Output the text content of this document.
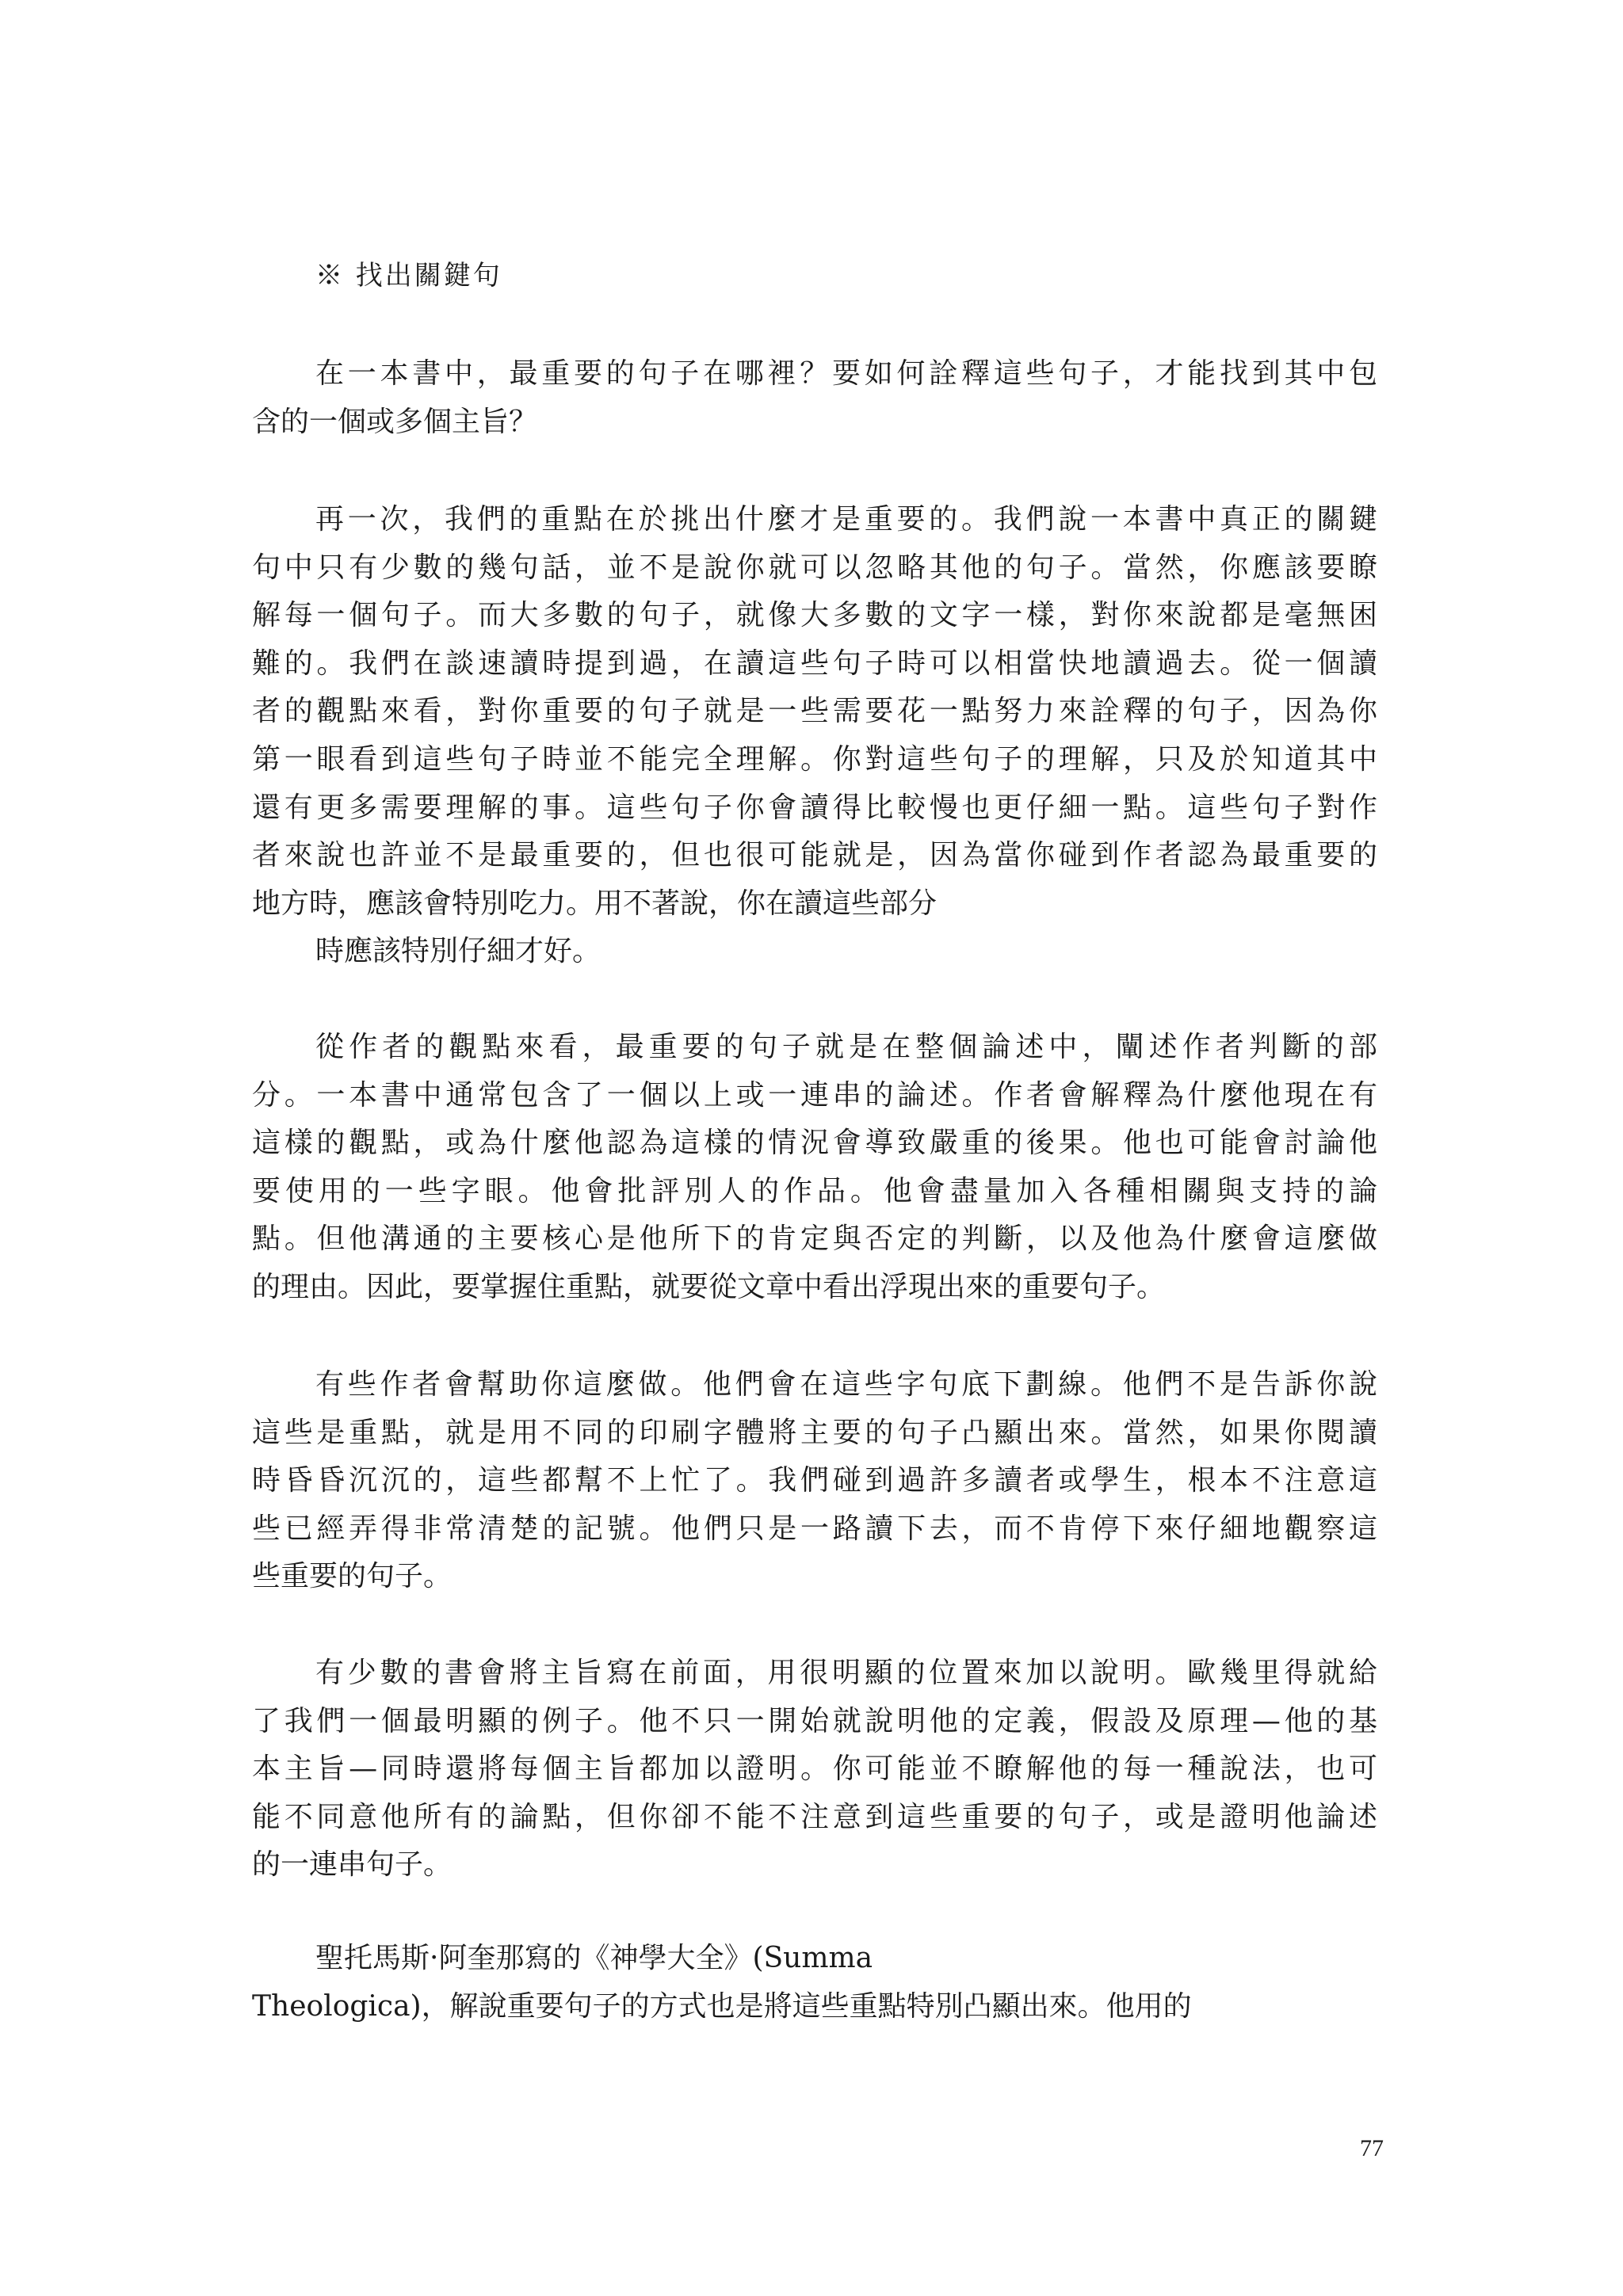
※ 找出關鍵句
在一本書中，最重要的句子在哪裡？要如何詮釋這些句子，才能找到其中包
含的一個或多個主旨？
再一次，我們的重點在於挑出什麼才是重要的。我們說一本書中真正的關鍵
句中只有少數的幾句話，並不是說你就可以忽略其他的句子。當然，你應該要瞭
解每一個句子。而大多數的句子，就像大多數的文字一樣，對你來說都是毫無困
難的。我們在談速讀時提到過，在讀這些句子時可以相當快地讀過去。從一個讀
者的觀點來看，對你重要的句子就是一些需要花一點努力來詮釋的句子，因為你
第一眼看到這些句子時並不能完全理解。你對這些句子的理解，只及於知道其中
還有更多需要理解的事。這些句子你會讀得比較慢也更仔細一點。這些句子對作
者來說也許並不是最重要的，但也很可能就是，因為當你碰到作者認為最重要的
地方時，應該會特別吃力。用不著說，你在讀這些部分
時應該特別仔細才好。
從作者的觀點來看，最重要的句子就是在整個論述中，闡述作者判斷的部
分。一本書中通常包含了一個以上或一連串的論述。作者會解釋為什麼他現在有
這樣的觀點，或為什麼他認為這樣的情況會導致嚴重的後果。他也可能會討論他
要使用的一些字眼。他會批評別人的作品。他會盡量加入各種相關與支持的論
點。但他溝通的主要核心是他所下的肯定與否定的判斷，以及他為什麼會這麼做
的理由。因此，要掌握住重點，就要從文章中看出浮現出來的重要句子。
有些作者會幫助你這麼做。他們會在這些字句底下劃線。他們不是告訴你說
這些是重點，就是用不同的印刷字體將主要的句子凸顯出來。當然，如果你閱讀
時昏昏沉沉的，這些都幫不上忙了。我們碰到過許多讀者或學生，根本不注意這
些已經弄得非常清楚的記號。他們只是一路讀下去，而不肯停下來仔細地觀察這
些重要的句子。
有少數的書會將主旨寫在前面，用很明顯的位置來加以說明。歐幾里得就給
了我們一個最明顯的例子。他不只一開始就說明他的定義，假設及原理—他的基
本主旨—同時還將每個主旨都加以證明。你可能並不瞭解他的每一種說法，也可
能不同意他所有的論點，但你卻不能不注意到這些重要的句子，或是證明他論述
的一連串句子。
聖托馬斯·阿奎那寫的《神學大全》(Summa
Theologica)，解說重要句子的方式也是將這些重點特別凸顯出來。他用的
77
